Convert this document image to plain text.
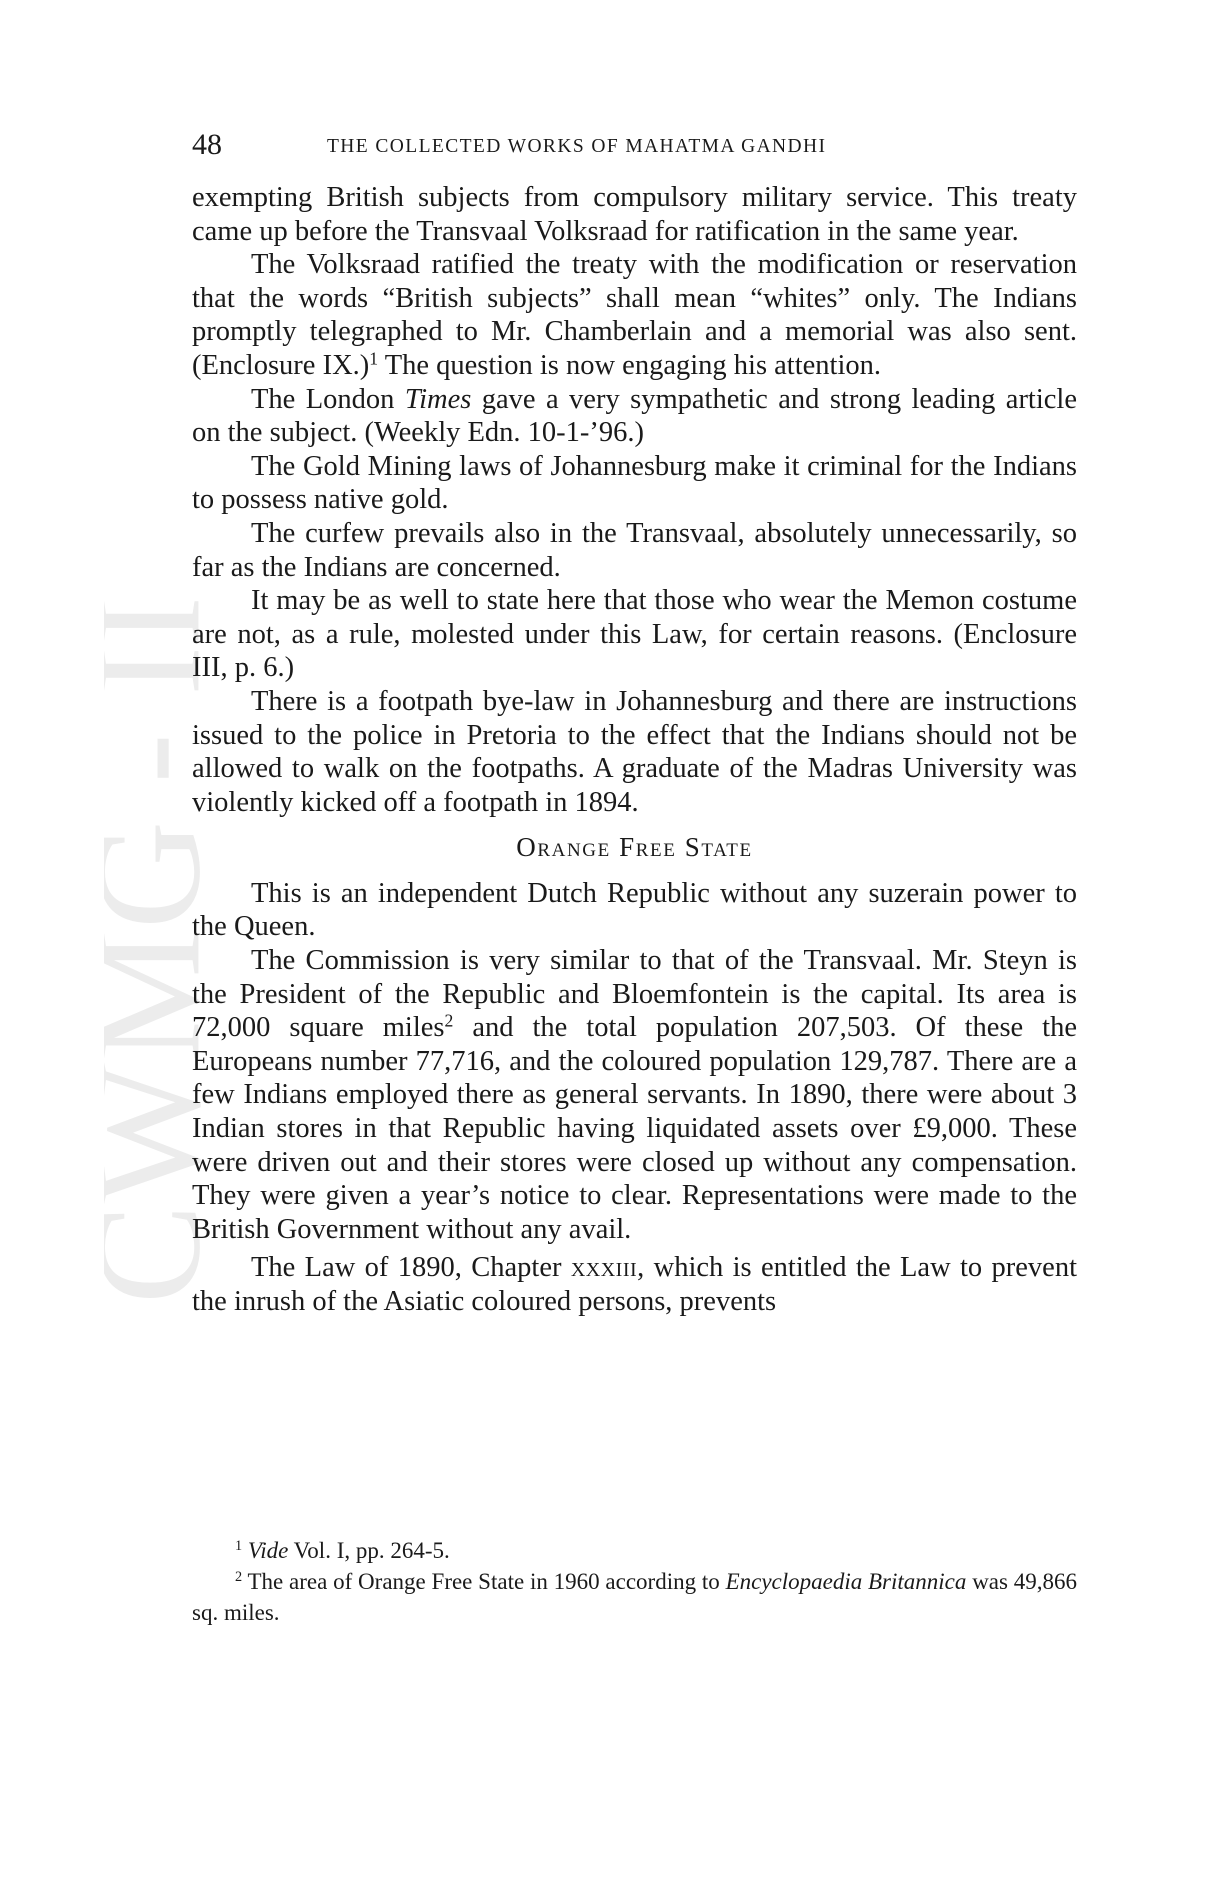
CWMG II
48	THE COLLECTED WORKS OF MAHATMA GANDHI

exempting British subjects from compulsory military service. This treaty came up before the Transvaal Volksraad for ratification in the same year.

The Volksraad ratified the treaty with the modification or reservation that the words “British subjects” shall mean “whites” only. The Indians promptly telegraphed to Mr. Chamberlain and a memorial was also sent. (Enclosure IX.)$^1$ The question is now engaging his attention.

The London Times gave a very sympathetic and strong leading article on the subject. (Weekly Edn. 10-1-’96.)

The Gold Mining laws of Johannesburg make it criminal for the Indians to possess native gold.

The curfew prevails also in the Transvaal, absolutely unnecessarily, so far as the Indians are concerned.

It may be as well to state here that those who wear the Memon costume are not, as a rule, molested under this Law, for certain reasons. (Enclosure III, p. 6.)

There is a footpath bye-law in Johannesburg and there are instructions issued to the police in Pretoria to the effect that the Indians should not be allowed to walk on the footpaths. A graduate of the Madras University was violently kicked off a footpath in 1894.

Orange Free State

This is an independent Dutch Republic without any suzerain power to the Queen.

The Commission is very similar to that of the Transvaal. Mr. Steyn is the President of the Republic and Bloemfontein is the capital. Its area is 72,000 square miles$^2$ and the total population 207,503. Of these the Europeans number 77,716, and the coloured population 129,787. There are a few Indians employed there as general servants. In 1890, there were about 3 Indian stores in that Republic having liquidated assets over £9,000. These were driven out and their stores were closed up without any compensation. They were given a year’s notice to clear. Representations were made to the British Government without any avail.

The Law of 1890, Chapter xxxiii, which is entitled the Law to prevent the inrush of the Asiatic coloured persons, prevents

$^1$ Vide Vol. I, pp. 264-5.

$^2$ The area of Orange Free State in 1960 according to Encyclopaedia Britannica was 49,866 sq. miles.
